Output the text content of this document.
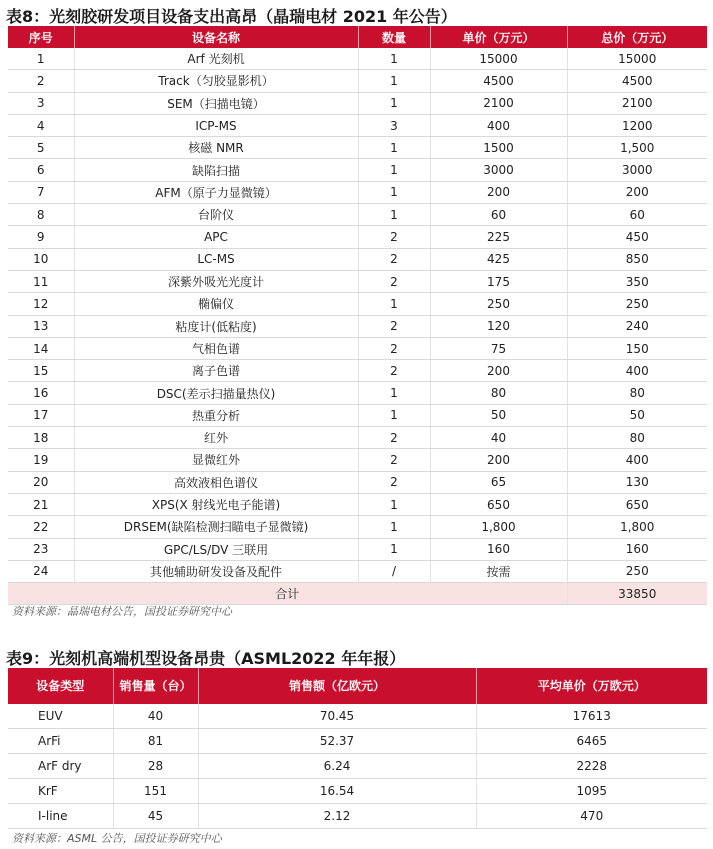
表8：光刻胶研发项目设备支出高昂（晶瑞电材 2021 年公告）
序号	设备名称	数量	单价（万元）	总价（万元）
1	Arf 光刻机	1	15000	15000
2	Track（匀胶显影机）	1	4500	4500
3	SEM（扫描电镜）	1	2100	2100
4	ICP-MS	3	400	1200
5	核磁 NMR	1	1500	1,500
6	缺陷扫描	1	3000	3000
7	AFM（原子力显微镜）	1	200	200
8	台阶仪	1	60	60
9	APC	2	225	450
10	LC-MS	2	425	850
11	深紫外吸光光度计	2	175	350
12	椭偏仪	1	250	250
13	粘度计(低粘度)	2	120	240
14	气相色谱	2	75	150
15	离子色谱	2	200	400
16	DSC(差示扫描量热仪)	1	80	80
17	热重分析	1	50	50
18	红外	2	40	80
19	显微红外	2	200	400
20	高效液相色谱仪	2	65	130
21	XPS(X 射线光电子能谱)	1	650	650
22	DRSEM(缺陷检测扫瞄电子显微镜)	1	1,800	1,800
23	GPC/LS/DV 三联用	1	160	160
24	其他辅助研发设备及配件	/	按需	250
合计				33850
资料来源：晶瑞电材公告，国投证券研究中心
表9：光刻机高端机型设备昂贵（ASML2022 年年报）
设备类型	销售量（台）	销售额（亿欧元）	平均单价（万欧元）
EUV	40	70.45	17613
ArFi	81	52.37	6465
ArF dry	28	6.24	2228
KrF	151	16.54	1095
I-line	45	2.12	470
资料来源：ASML 公告，国投证券研究中心
